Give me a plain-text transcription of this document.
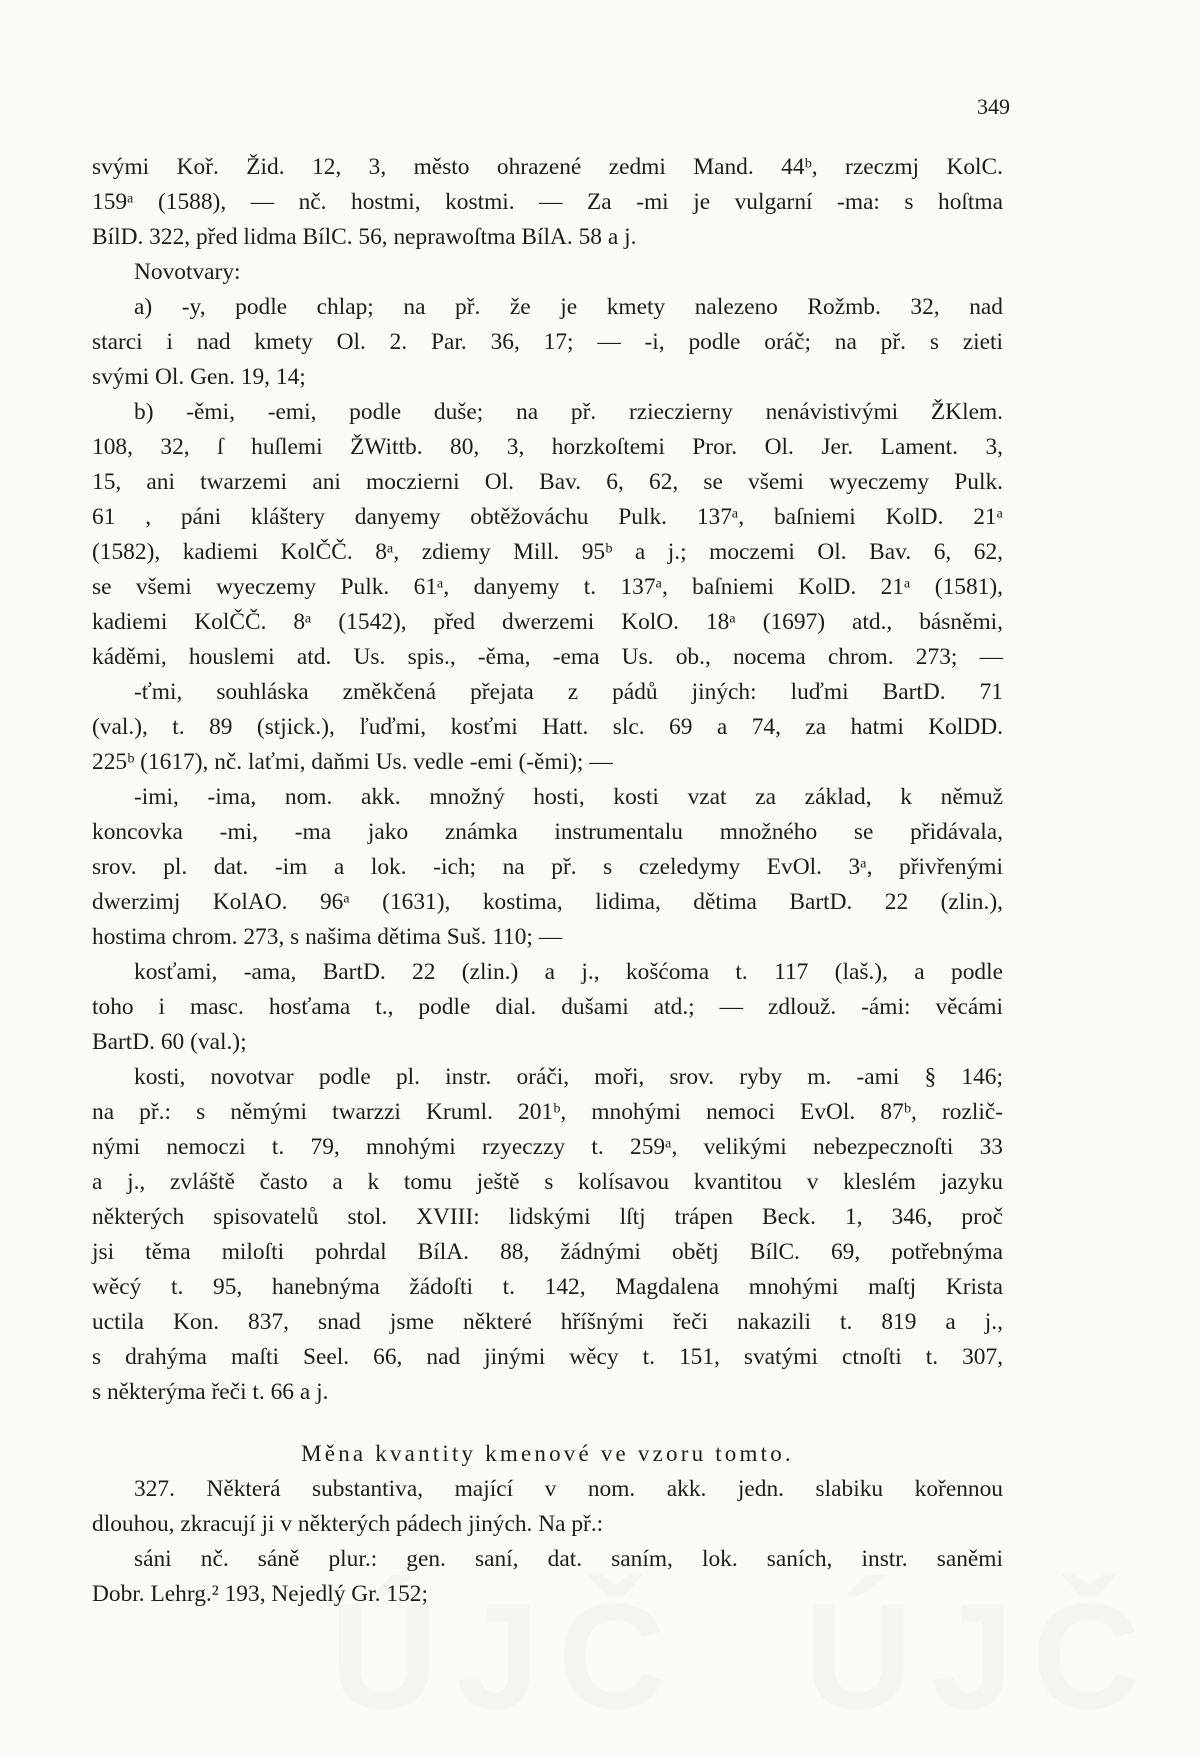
349
svými Koř. Žid. 12, 3, město ohrazené zedmi Mand. 44ᵇ, rzeczmj KolC.
159ᵃ (1588), — nč. hostmi, kostmi. — Za -mi je vulgarní -ma: s hoſtma
BílD. 322, před lidma BílC. 56, neprawoſtma BílA. 58 a j.
Novotvary:
a) -y, podle chlap; na př. že je kmety nalezeno Rožmb. 32, nad
starci i nad kmety Ol. 2. Par. 36, 17; — -i, podle oráč; na př. s zieti
svými Ol. Gen. 19, 14;
b) -ěmi, -emi, podle duše; na př. rzieczierny nenávistivými ŽKlem.
108, 32, ſ huſlemi ŽWittb. 80, 3, horzkoſtemi Pror. Ol. Jer. Lament. 3,
15, ani twarzemi ani moczierni Ol. Bav. 6, 62, se všemi wyeczemy Pulk.
61 , páni kláštery danyemy obtěžováchu Pulk. 137ᵃ, baſniemi KolD. 21ᵃ
(1582), kadiemi KolČČ. 8ᵃ, zdiemy Mill. 95ᵇ a j.; moczemi Ol. Bav. 6, 62,
se všemi wyeczemy Pulk. 61ᵃ, danyemy t. 137ᵃ, baſniemi KolD. 21ᵃ (1581),
kadiemi KolČČ. 8ᵃ (1542), před dwerzemi KolO. 18ᵃ (1697) atd., básněmi,
káděmi, houslemi atd. Us. spis., -ěma, -ema Us. ob., nocema chrom. 273; —
-ťmi, souhláska změkčená přejata z pádů jiných: luďmi BartD. 71
(val.), t. 89 (stjick.), ľuďmi, kosťmi Hatt. slc. 69 a 74, za hatmi KolDD.
225ᵇ (1617), nč. laťmi, daňmi Us. vedle -emi (-ěmi); —
-imi, -ima, nom. akk. množný hosti, kosti vzat za základ, k němuž
koncovka -mi, -ma jako známka instrumentalu množného se přidávala,
srov. pl. dat. -im a lok. -ich; na př. s czeledymy EvOl. 3ᵃ, přivřenými
dwerzimj KolAO. 96ᵃ (1631), kostima, lidima, dětima BartD. 22 (zlin.),
hostima chrom. 273, s našima dětima Suš. 110; —
kosťami, -ama, BartD. 22 (zlin.) a j., košćoma t. 117 (laš.), a podle
toho i masc. hosťama t., podle dial. dušami atd.; — zdlouž. -ámi: věcámi
BartD. 60 (val.);
kosti, novotvar podle pl. instr. oráči, moři, srov. ryby m. -ami § 146;
na př.: s němými twarzzi Kruml. 201ᵇ, mnohými nemoci EvOl. 87ᵇ, rozlič-
nými nemoczi t. 79, mnohými rzyeczzy t. 259ᵃ, velikými nebezpecznoſti 33
a j., zvláště často a k tomu ještě s kolísavou kvantitou v kleslém jazyku
některých spisovatelů stol. XVIII: lidskými lſtj trápen Beck. 1, 346, proč
jsi těma miloſti pohrdal BílA. 88, žádnými obětj BílC. 69, potřebnýma
wěcý t. 95, hanebnýma žádoſti t. 142, Magdalena mnohými maſtj Krista
uctila Kon. 837, snad jsme některé hříšnými řeči nakazili t. 819 a j.,
s drahýma maſti Seel. 66, nad jinými wěcy t. 151, svatými ctnoſti t. 307,
s některýma řeči t. 66 a j.
Měna kvantity kmenové ve vzoru tomto.
327. Některá substantiva, mající v nom. akk. jedn. slabiku kořennou
dlouhou, zkracují ji v některých pádech jiných. Na př.:
sáni nč. sáně plur.: gen. saní, dat. saním, lok. saních, instr. saněmi
Dobr. Lehrg.² 193, Nejedlý Gr. 152;
